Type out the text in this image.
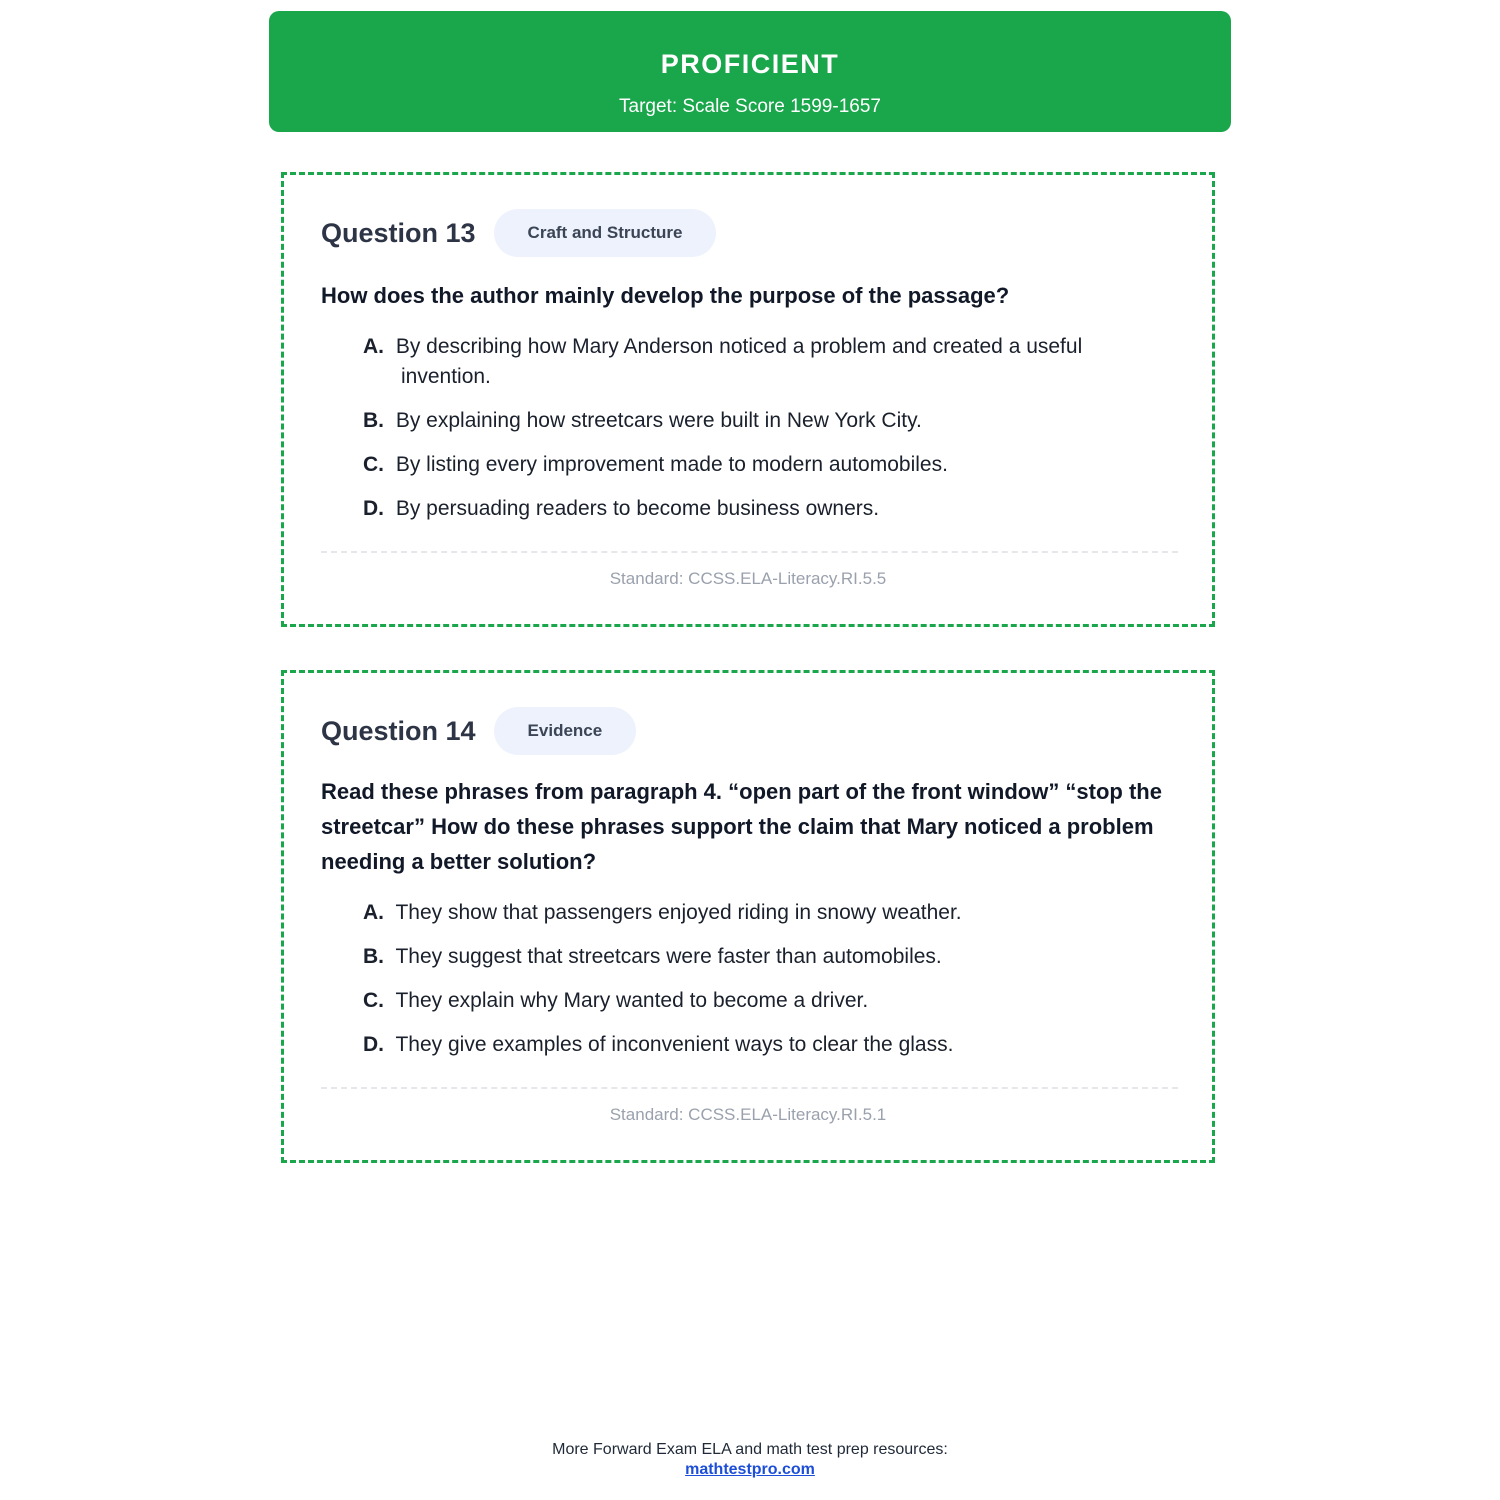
PROFICIENT
Target: Scale Score 1599-1657
Question 13	Craft and Structure
How does the author mainly develop the purpose of the passage?
A. By describing how Mary Anderson noticed a problem and created a useful invention.
B. By explaining how streetcars were built in New York City.
C. By listing every improvement made to modern automobiles.
D. By persuading readers to become business owners.
Standard: CCSS.ELA-Literacy.RI.5.5
Question 14	Evidence
Read these phrases from paragraph 4. “open part of the front window” “stop the streetcar” How do these phrases support the claim that Mary noticed a problem needing a better solution?
A. They show that passengers enjoyed riding in snowy weather.
B. They suggest that streetcars were faster than automobiles.
C. They explain why Mary wanted to become a driver.
D. They give examples of inconvenient ways to clear the glass.
Standard: CCSS.ELA-Literacy.RI.5.1
More Forward Exam ELA and math test prep resources:
mathtestpro.com
